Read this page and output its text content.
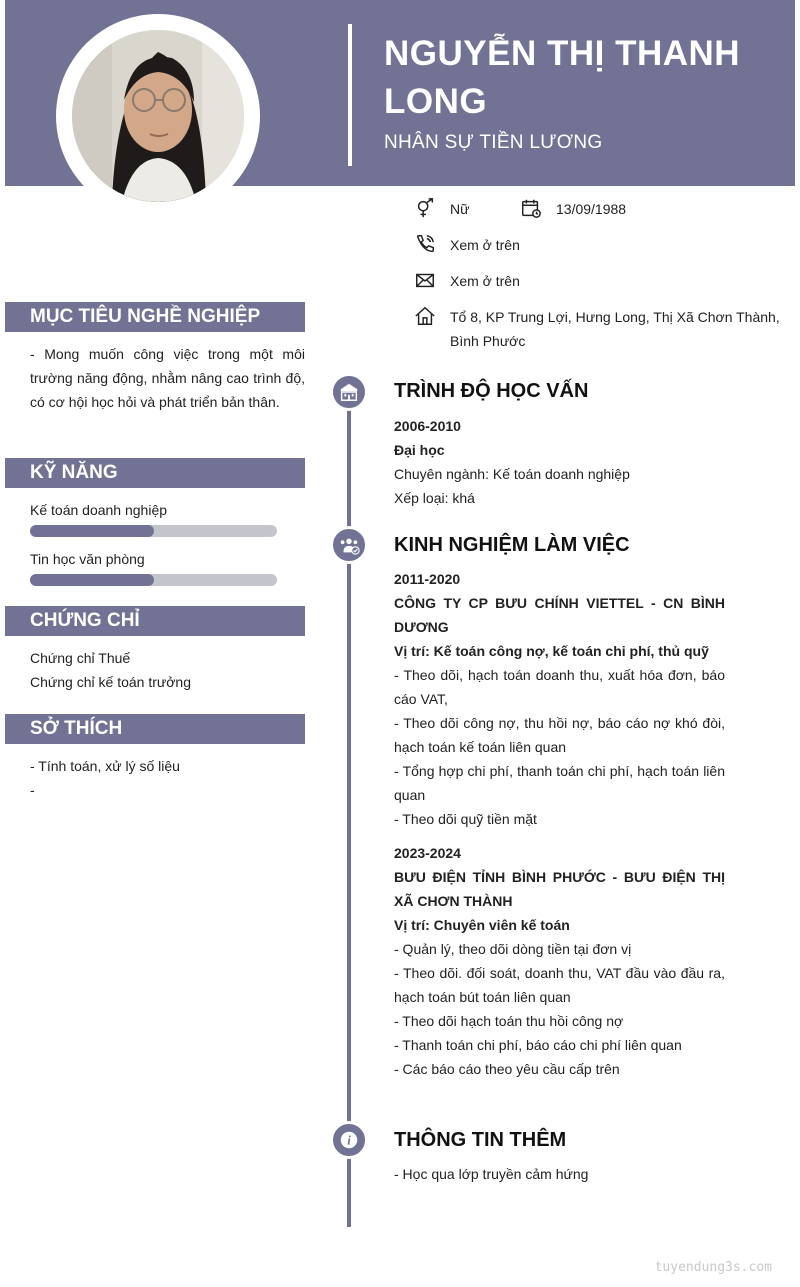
NGUYỄN THỊ THANH LONG
NHÂN SỰ TIỀN LƯƠNG
Nữ	13/09/1988
Xem ở trên
Xem ở trên
Tổ 8, KP Trung Lợi, Hưng Long, Thị Xã Chơn Thành, Bình Phước
MỤC TIÊU NGHỀ NGHIỆP
- Mong muốn công việc trong một môi trường năng động, nhằm nâng cao trình độ, có cơ hội học hỏi và phát triển bản thân.
KỸ NĂNG
Kế toán doanh nghiệp
Tin học văn phòng
CHỨNG CHỈ
Chứng chỉ Thuế
Chứng chỉ kế toán trưởng
SỞ THÍCH
- Tính toán, xử lý số liệu
-
TRÌNH ĐỘ HỌC VẤN

2006-2010

Đại học

Chuyên ngành: Kế toán doanh nghiệp

Xếp loại: khá

KINH NGHIỆM LÀM VIỆC

2011-2020

CÔNG TY CP BƯU CHÍNH VIETTEL - CN BÌNH DƯƠNG

Vị trí: Kế toán công nợ, kế toán chi phí, thủ quỹ

- Theo dõi, hạch toán doanh thu, xuất hóa đơn, báo cáo VAT,

- Theo dõi công nợ, thu hồi nợ, báo cáo nợ khó đòi, hạch toán kế toán liên quan

- Tổng hợp chi phí, thanh toán chi phí, hạch toán liên quan

- Theo dõi quỹ tiền mặt

2023-2024

BƯU ĐIỆN TỈNH BÌNH PHƯỚC - BƯU ĐIỆN THỊ XÃ CHƠN THÀNH

Vị trí: Chuyên viên kế toán

- Quản lý, theo dõi dòng tiền tại đơn vị

- Theo dõi. đối soát, doanh thu, VAT đầu vào đầu ra, hạch toán bút toán liên quan

- Theo dõi hạch toán thu hồi công nợ

- Thanh toán chi phí, báo cáo chi phí liên quan

- Các báo cáo theo yêu cầu cấp trên

i THÔNG TIN THÊM
- Học qua lớp truyền cảm hứng
tuyendung3s.com
